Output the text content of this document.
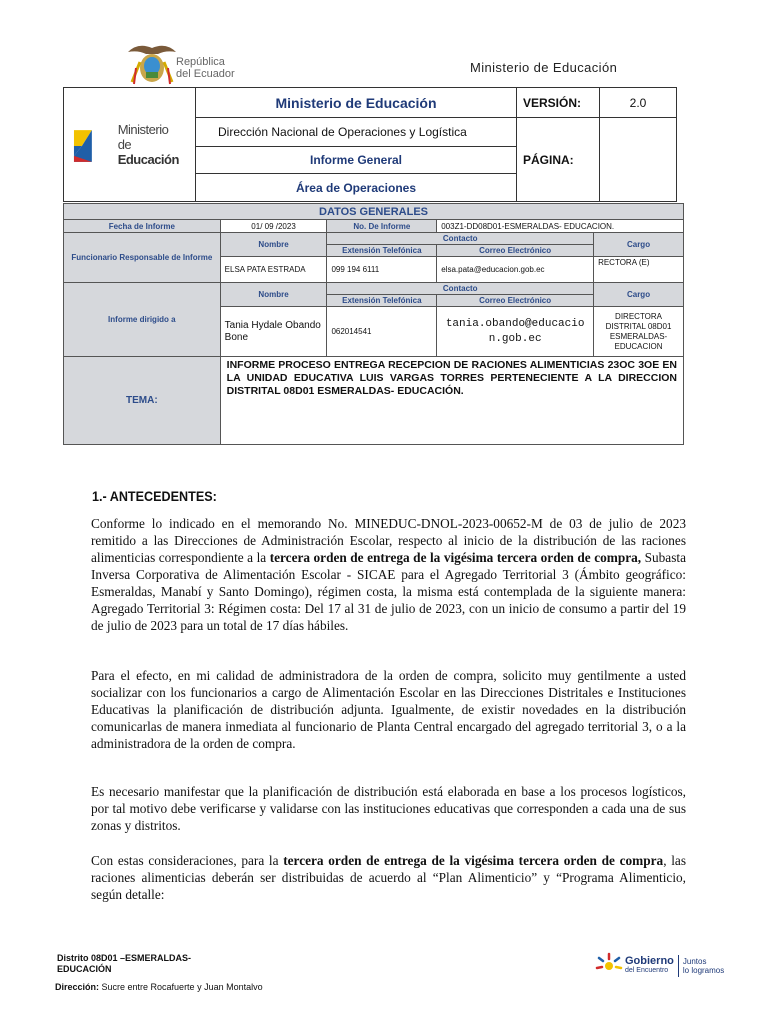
República
del Ecuador	Ministerio de Educación
Ministerio
de Educación	Ministerio de Educación	VERSIÓN:	2.0
	Dirección Nacional de Operaciones y Logística	PÁGINA:	
	Informe General		
	Área de Operaciones		
DATOS GENERALES				
Fecha de Informe	01/ 09 /2023	No. De Informe	003Z1-DD08D01-ESMERALDAS- EDUCACION.	
Funcionario Responsable de Informe	Nombre	Contacto		Cargo
		Extensión Telefónica	Correo Electrónico	
	ELSA PATA ESTRADA	099 194 6111	elsa.pata@educacion.gob.ec	RECTORA (E)
Informe dirigido a	Nombre	Contacto		Cargo
		Extensión Telefónica	Correo Electrónico	
	Tania Hydale Obando Bone	062014541	tania.obando@educacion.gob.ec	DIRECTORA DISTRITAL 08D01 ESMERALDAS-EDUCACION
TEMA:	INFORME PROCESO ENTREGA RECEPCION DE RACIONES ALIMENTICIAS 23OC 3OE EN LA UNIDAD EDUCATIVA LUIS VARGAS TORRES PERTENECIENTE A LA DIRECCION DISTRITAL 08D01 ESMERALDAS- EDUCACIÓN.			
1.- ANTECEDENTES:

Conforme lo indicado en el memorando No. MINEDUC-DNOL-2023-00652-M de 03 de julio de 2023 remitido a las Direcciones de Administración Escolar, respecto al inicio de la distribución de las raciones alimenticias correspondiente a la tercera orden de entrega de la vigésima tercera orden de compra, Subasta Inversa Corporativa de Alimentación Escolar - SICAE para el Agregado Territorial 3 (Ámbito geográfico: Esmeraldas, Manabí y Santo Domingo), régimen costa, la misma está contemplada de la siguiente manera: Agregado Territorial 3: Régimen costa: Del 17 al 31 de julio de 2023, con un inicio de consumo a partir del 19 de julio de 2023 para un total de 17 días hábiles.

Para el efecto, en mi calidad de administradora de la orden de compra, solicito muy gentilmente a usted socializar con los funcionarios a cargo de Alimentación Escolar en las Direcciones Distritales e Instituciones Educativas la planificación de distribución adjunta. Igualmente, de existir novedades en la distribución comunicarlas de manera inmediata al funcionario de Planta Central encargado del agregado territorial 3, o a la administradora de la orden de compra.

Es necesario manifestar que la planificación de distribución está elaborada en base a los procesos logísticos, por tal motivo debe verificarse y validarse con las instituciones educativas que corresponden a cada una de sus zonas y distritos.

Con estas consideraciones, para la tercera orden de entrega de la vigésima tercera orden de compra, las raciones alimenticias deberán ser distribuidas de acuerdo al “Plan Alimenticio” y “Programa Alimenticio, según detalle:

Distrito 08D01 –ESMERALDAS-
EDUCACIÓN
Dirección: Sucre entre Rocafuerte y Juan Montalvo
Gobierno
del Encuentro
Juntos
lo logramos
